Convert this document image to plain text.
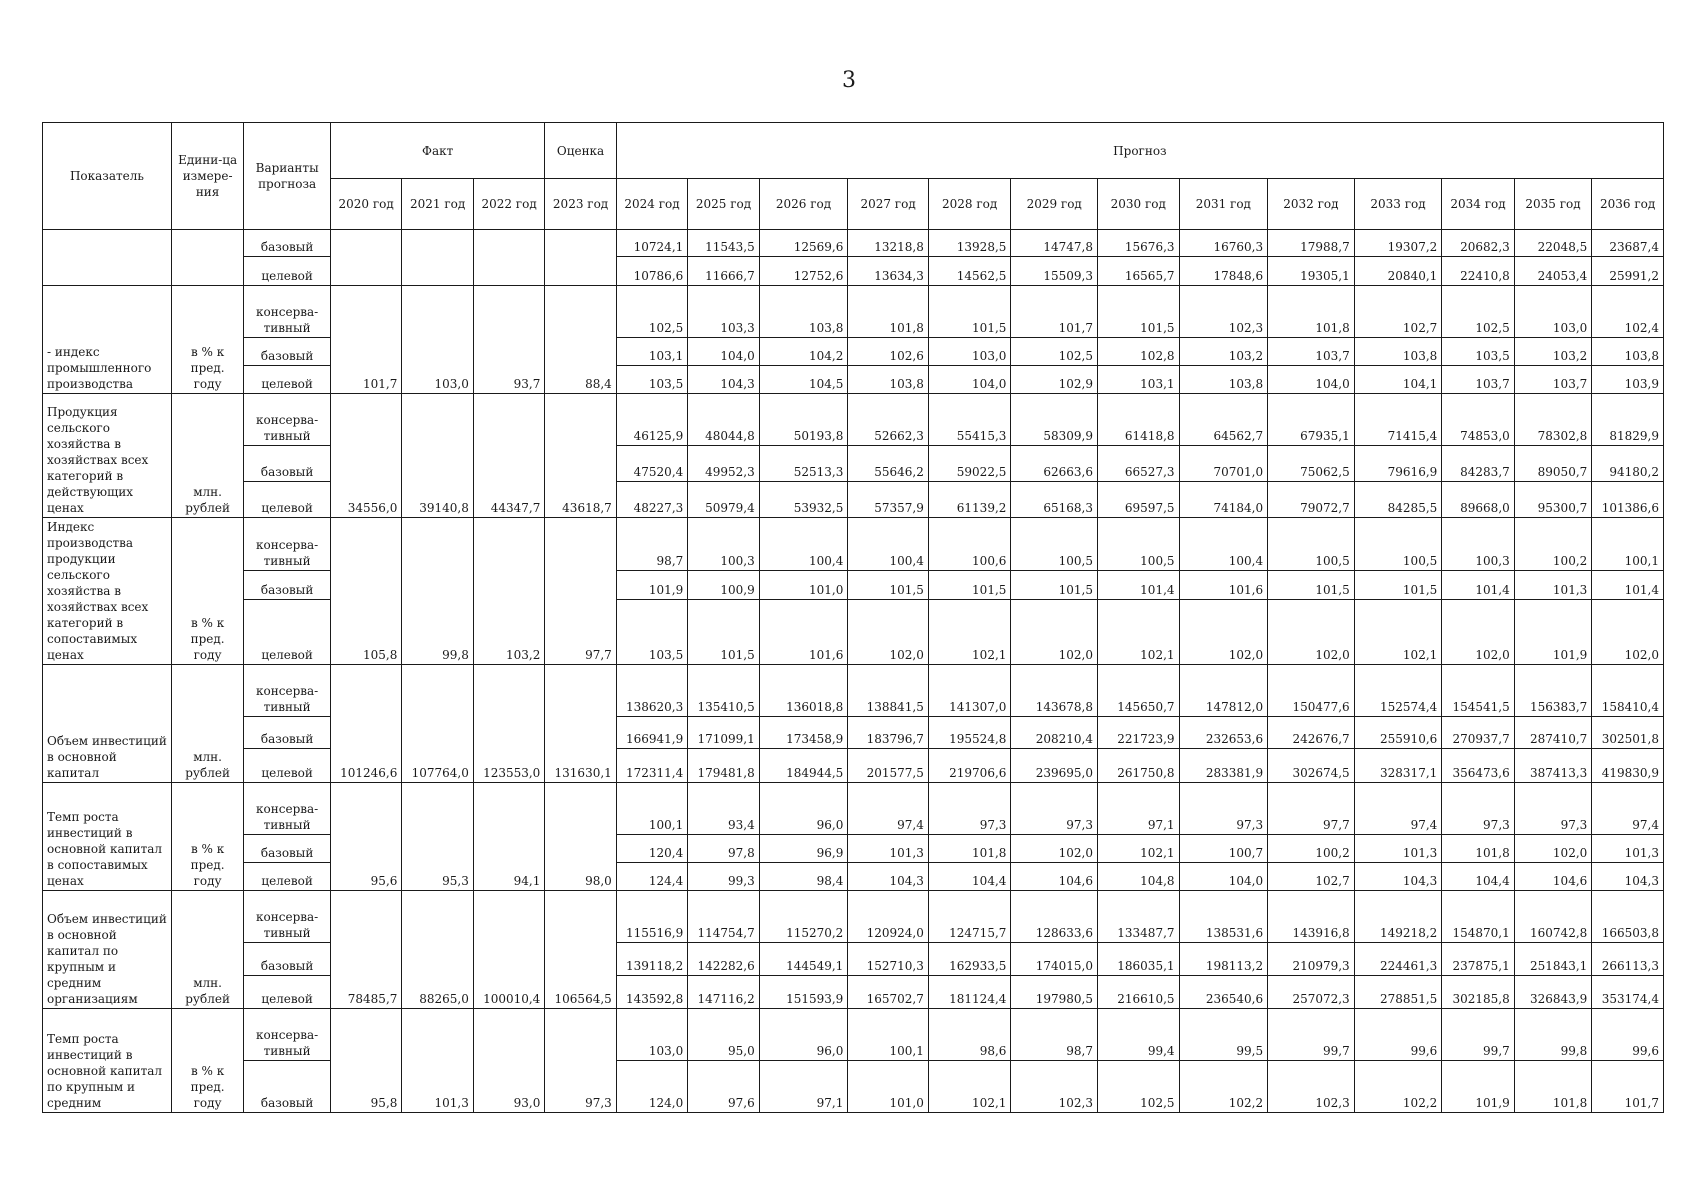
3
Показатель	Едини-ца измере-ния	Варианты прогноза	Факт			Оценка	Прогноз												
			2020 год	2021 год	2022 год	2023 год	2024 год	2025 год	2026 год	2027 год	2028 год	2029 год	2030 год	2031 год	2032 год	2033 год	2034 год	2035 год	2036 год
		базовый					10724,1	11543,5	12569,6	13218,8	13928,5	14747,8	15676,3	16760,3	17988,7	19307,2	20682,3	22048,5	23687,4
		целевой					10786,6	11666,7	12752,6	13634,3	14562,5	15509,3	16565,7	17848,6	19305,1	20840,1	22410,8	24053,4	25991,2
- индекс промышленного производства	в % к пред. году	консерва-тивный	101,7	103,0	93,7	88,4	102,5	103,3	103,8	101,8	101,5	101,7	101,5	102,3	101,8	102,7	102,5	103,0	102,4
		базовый					103,1	104,0	104,2	102,6	103,0	102,5	102,8	103,2	103,7	103,8	103,5	103,2	103,8
		целевой					103,5	104,3	104,5	103,8	104,0	102,9	103,1	103,8	104,0	104,1	103,7	103,7	103,9
Продукция сельского хозяйства в хозяйствах всех категорий в действующих ценах	млн. рублей	консерва-тивный	34556,0	39140,8	44347,7	43618,7	46125,9	48044,8	50193,8	52662,3	55415,3	58309,9	61418,8	64562,7	67935,1	71415,4	74853,0	78302,8	81829,9
		базовый					47520,4	49952,3	52513,3	55646,2	59022,5	62663,6	66527,3	70701,0	75062,5	79616,9	84283,7	89050,7	94180,2
		целевой					48227,3	50979,4	53932,5	57357,9	61139,2	65168,3	69597,5	74184,0	79072,7	84285,5	89668,0	95300,7	101386,6
Индекс производства продукции сельского хозяйства в хозяйствах всех категорий в сопоставимых ценах	в % к пред. году	консерва-тивный	105,8	99,8	103,2	97,7	98,7	100,3	100,4	100,4	100,6	100,5	100,5	100,4	100,5	100,5	100,3	100,2	100,1
		базовый					101,9	100,9	101,0	101,5	101,5	101,5	101,4	101,6	101,5	101,5	101,4	101,3	101,4
		целевой					103,5	101,5	101,6	102,0	102,1	102,0	102,1	102,0	102,0	102,1	102,0	101,9	102,0
Объем инвестиций в основной капитал	млн. рублей	консерва-тивный	101246,6	107764,0	123553,0	131630,1	138620,3	135410,5	136018,8	138841,5	141307,0	143678,8	145650,7	147812,0	150477,6	152574,4	154541,5	156383,7	158410,4
		базовый					166941,9	171099,1	173458,9	183796,7	195524,8	208210,4	221723,9	232653,6	242676,7	255910,6	270937,7	287410,7	302501,8
		целевой					172311,4	179481,8	184944,5	201577,5	219706,6	239695,0	261750,8	283381,9	302674,5	328317,1	356473,6	387413,3	419830,9
Темп роста инвестиций в основной капитал в сопоставимых ценах	в % к пред. году	консерва-тивный	95,6	95,3	94,1	98,0	100,1	93,4	96,0	97,4	97,3	97,3	97,1	97,3	97,7	97,4	97,3	97,3	97,4
		базовый					120,4	97,8	96,9	101,3	101,8	102,0	102,1	100,7	100,2	101,3	101,8	102,0	101,3
		целевой					124,4	99,3	98,4	104,3	104,4	104,6	104,8	104,0	102,7	104,3	104,4	104,6	104,3
Объем инвестиций в основной капитал по крупным и средним организациям	млн. рублей	консерва-тивный	78485,7	88265,0	100010,4	106564,5	115516,9	114754,7	115270,2	120924,0	124715,7	128633,6	133487,7	138531,6	143916,8	149218,2	154870,1	160742,8	166503,8
		базовый					139118,2	142282,6	144549,1	152710,3	162933,5	174015,0	186035,1	198113,2	210979,3	224461,3	237875,1	251843,1	266113,3
		целевой					143592,8	147116,2	151593,9	165702,7	181124,4	197980,5	216610,5	236540,6	257072,3	278851,5	302185,8	326843,9	353174,4
Темп роста инвестиций в основной капитал по крупным и средним	в % к пред. году	консерва-тивный	95,8	101,3	93,0	97,3	103,0	95,0	96,0	100,1	98,6	98,7	99,4	99,5	99,7	99,6	99,7	99,8	99,6
		базовый					124,0	97,6	97,1	101,0	102,1	102,3	102,5	102,2	102,3	102,2	101,9	101,8	101,7
